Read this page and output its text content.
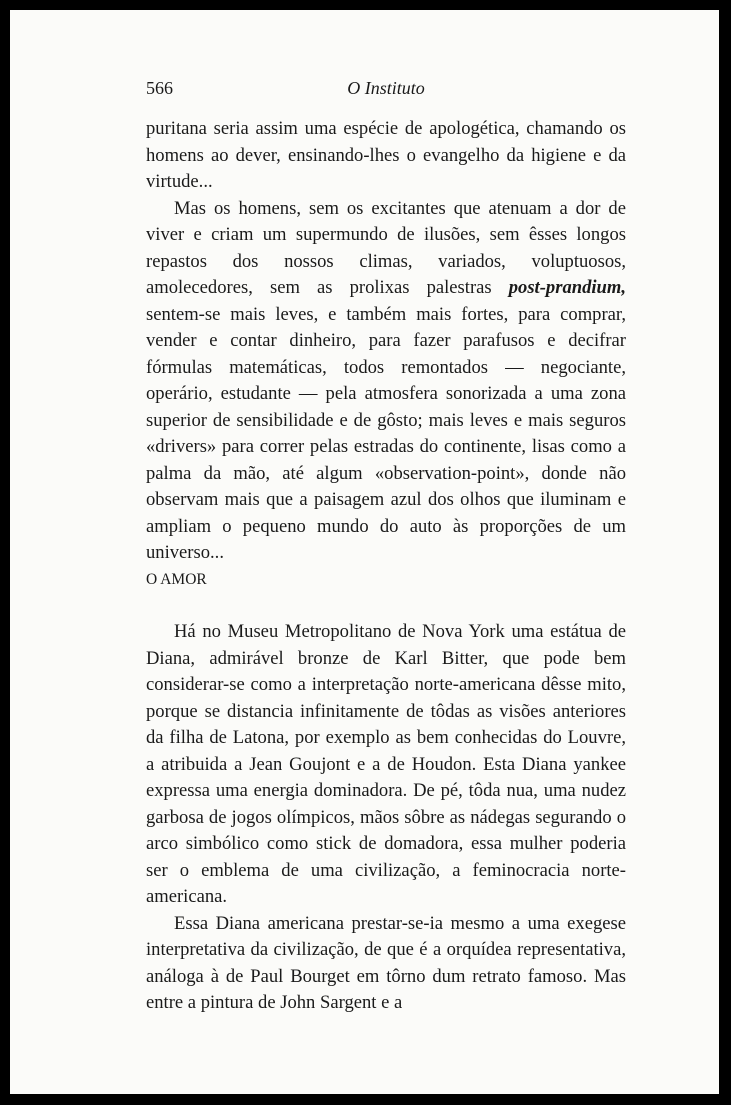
566	O Instituto

puritana seria assim uma espécie de apologética, chamando os homens ao dever, ensinando-lhes o evangelho da higiene e da virtude...

Mas os homens, sem os excitantes que atenuam a dor de viver e criam um supermundo de ilusões, sem êsses longos repastos dos nossos climas, variados, voluptuosos, amolecedores, sem as prolixas palestras post-prandium, sentem-se mais leves, e também mais fortes, para comprar, vender e contar dinheiro, para fazer parafusos e decifrar fórmulas matemáticas, todos remontados — negociante, operário, estudante — pela atmosfera sonorizada a uma zona superior de sensibilidade e de gôsto; mais leves e mais seguros «drivers» para correr pelas estradas do continente, lisas como a palma da mão, até algum «observation-point», donde não observam mais que a paisagem azul dos olhos que iluminam e ampliam o pequeno mundo do auto às proporções de um universo...

O AMOR

Há no Museu Metropolitano de Nova York uma estátua de Diana, admirável bronze de Karl Bitter, que pode bem considerar-se como a interpretação norte-americana dêsse mito, porque se distancia infinitamente de tôdas as visões anteriores da filha de Latona, por exemplo as bem conhecidas do Louvre, a atribuida a Jean Goujont e a de Houdon. Esta Diana yankee expressa uma energia dominadora. De pé, tôda nua, uma nudez garbosa de jogos olímpicos, mãos sôbre as nádegas segurando o arco simbólico como stick de domadora, essa mulher poderia ser o emblema de uma civilização, a feminocracia norte-americana.

Essa Diana americana prestar-se-ia mesmo a uma exegese interpretativa da civilização, de que é a orquídea representativa, análoga à de Paul Bourget em tôrno dum retrato famoso. Mas entre a pintura de John Sargent e a
